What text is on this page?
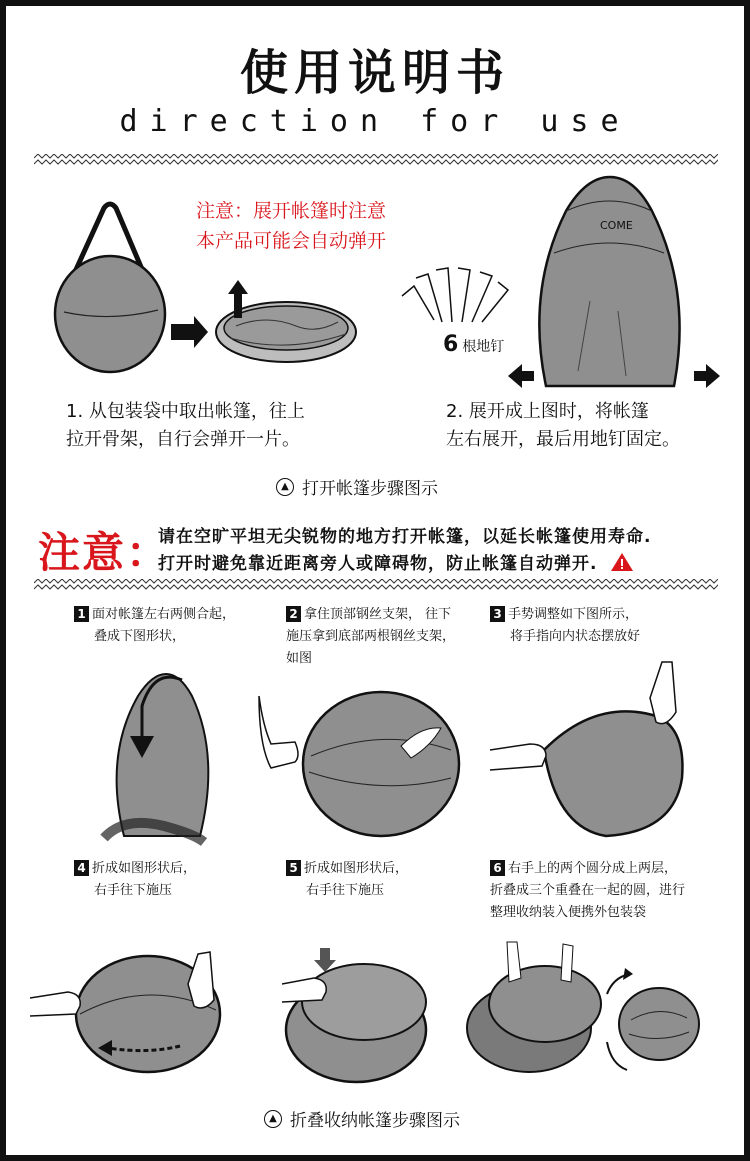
使用说明书
direction for use
注意：展开帐篷时注意
本产品可能会自动弹开
6 根地钉
COME
1. 从包装袋中取出帐篷，往上
拉开骨架，自行会弹开一片。
2. 展开成上图时，将帐篷
左右展开，最后用地钉固定。
▲ 打开帐篷步骤图示
注意：
请在空旷平坦无尖锐物的地方打开帐篷，以延长帐篷使用寿命.
打开时避免靠近距离旁人或障碍物，防止帐篷自动弹开.
1 面对帐篷左右两侧合起，
叠成下图形状，
2 拿住顶部钢丝支架， 往下
施压拿到底部两根钢丝支架，
如图
3 手势调整如下图所示，
将手指向内状态摆放好
4 折成如图形状后，
右手往下施压
5 折成如图形状后，
右手往下施压
6 右手上的两个圆分成上两层，
折叠成三个重叠在一起的圆，进行
整理收纳装入便携外包装袋
▲ 折叠收纳帐篷步骤图示
